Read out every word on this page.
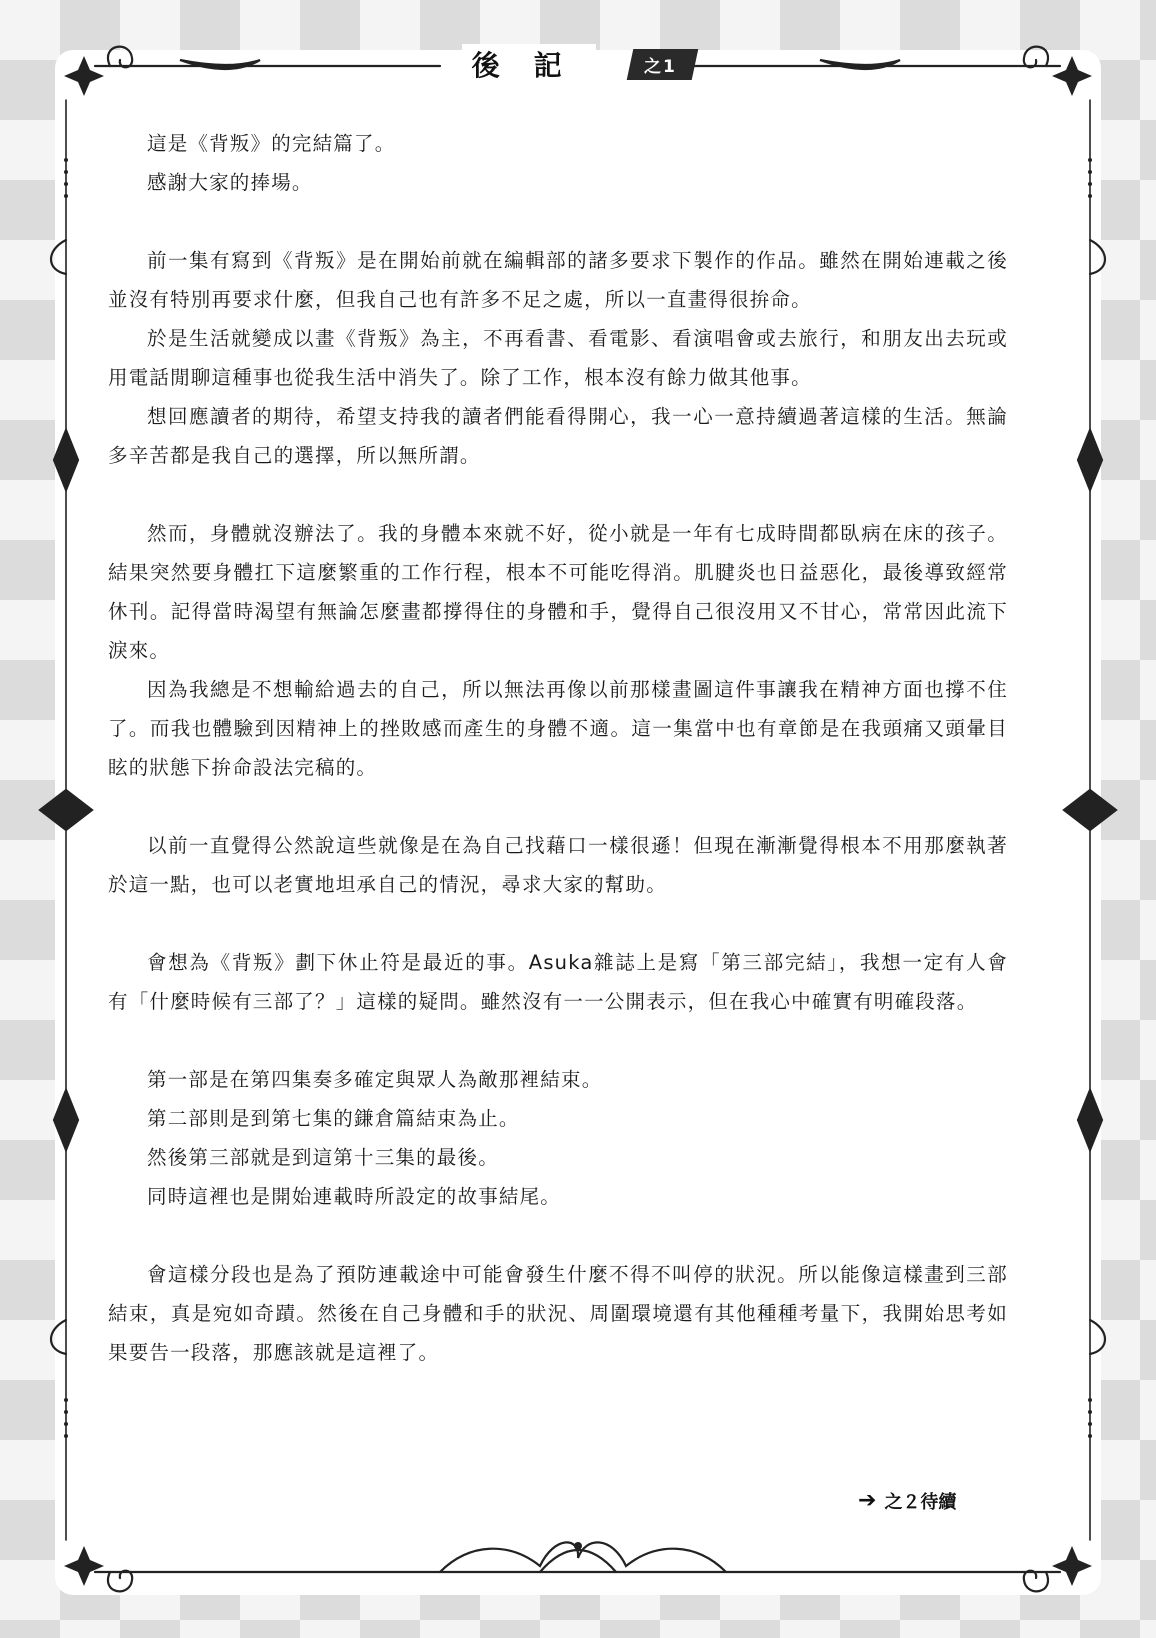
後記	之1

這是《背叛》的完結篇了。

感謝大家的捧場。

前一集有寫到《背叛》是在開始前就在編輯部的諸多要求下製作的作品。雖然在開始連載之後並沒有特別再要求什麼，但我自己也有許多不足之處，所以一直畫得很拚命。

於是生活就變成以畫《背叛》為主，不再看書、看電影、看演唱會或去旅行，和朋友出去玩或用電話閒聊這種事也從我生活中消失了。除了工作，根本沒有餘力做其他事。

想回應讀者的期待，希望支持我的讀者們能看得開心，我一心一意持續過著這樣的生活。無論多辛苦都是我自己的選擇，所以無所謂。

然而，身體就沒辦法了。我的身體本來就不好，從小就是一年有七成時間都臥病在床的孩子。結果突然要身體扛下這麼繁重的工作行程，根本不可能吃得消。肌腱炎也日益惡化，最後導致經常休刊。記得當時渴望有無論怎麼畫都撐得住的身體和手，覺得自己很沒用又不甘心，常常因此流下淚來。

因為我總是不想輸給過去的自己，所以無法再像以前那樣畫圖這件事讓我在精神方面也撐不住了。而我也體驗到因精神上的挫敗感而產生的身體不適。這一集當中也有章節是在我頭痛又頭暈目眩的狀態下拚命設法完稿的。

以前一直覺得公然說這些就像是在為自己找藉口一樣很遜！但現在漸漸覺得根本不用那麼執著於這一點，也可以老實地坦承自己的情況，尋求大家的幫助。

會想為《背叛》劃下休止符是最近的事。Asuka雜誌上是寫「第三部完結」，我想一定有人會有「什麼時候有三部了？」這樣的疑問。雖然沒有一一公開表示，但在我心中確實有明確段落。

第一部是在第四集奏多確定與眾人為敵那裡結束。

第二部則是到第七集的鎌倉篇結束為止。

然後第三部就是到這第十三集的最後。

同時這裡也是開始連載時所設定的故事結尾。

會這樣分段也是為了預防連載途中可能會發生什麼不得不叫停的狀況。所以能像這樣畫到三部結束，真是宛如奇蹟。然後在自己身體和手的狀況、周圍環境還有其他種種考量下，我開始思考如果要告一段落，那應該就是這裡了。

➔ 之２待續
